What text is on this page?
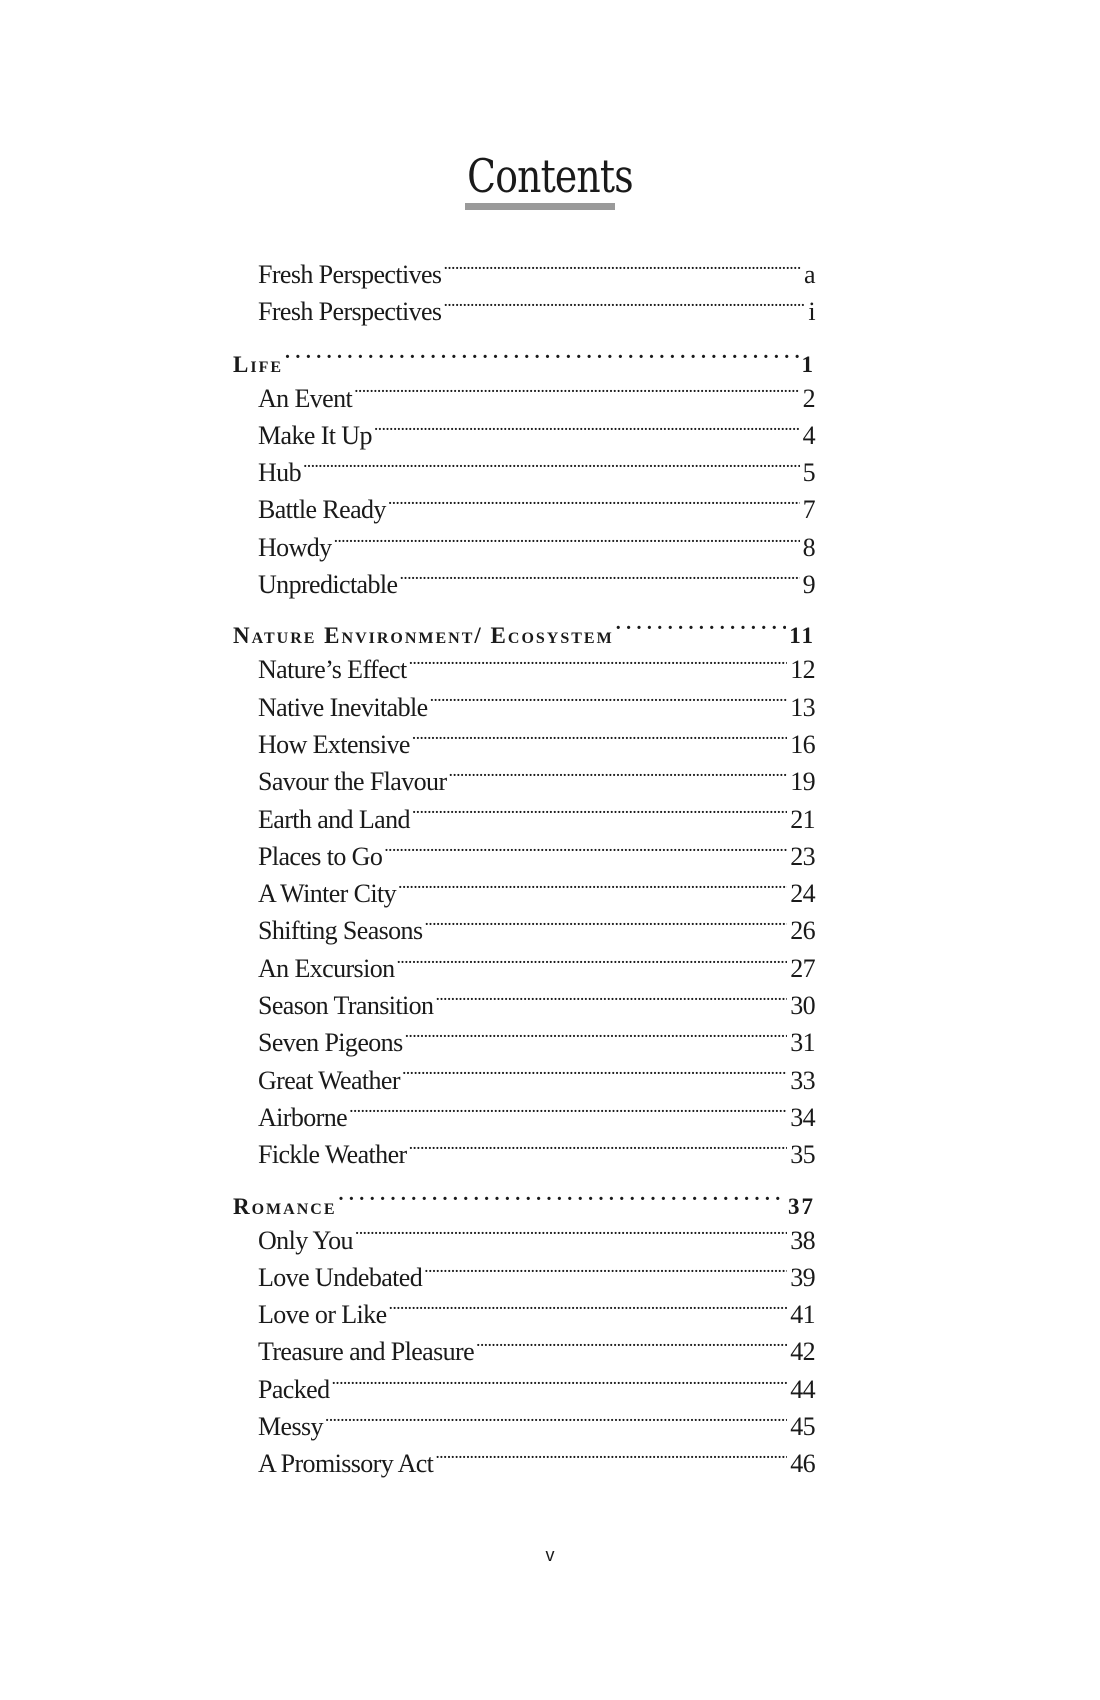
Contents
Fresh Perspectives . . .	a
Fresh Perspectives . . .	i
Life . . .	1
An Event . . .	2
Make It Up . . .	4
Hub . . .	5
Battle Ready . . .	7
Howdy . . .	8
Unpredictable . . .	9
Nature Environment/ Ecosystem . . .	11
Nature’s Effect . . .	12
Native Inevitable . . .	13
How Extensive . . .	16
Savour the Flavour . . .	19
Earth and Land . . .	21
Places to Go . . .	23
A Winter City . . .	24
Shifting Seasons . . .	26
An Excursion . . .	27
Season Transition . . .	30
Seven Pigeons . . .	31
Great Weather . . .	33
Airborne . . .	34
Fickle Weather . . .	35
Romance . . .	37
Only You . . .	38
Love Undebated . . .	39
Love or Like . . .	41
Treasure and Pleasure . . .	42
Packed . . .	44
Messy . . .	45
A Promissory Act . . .	46
v
